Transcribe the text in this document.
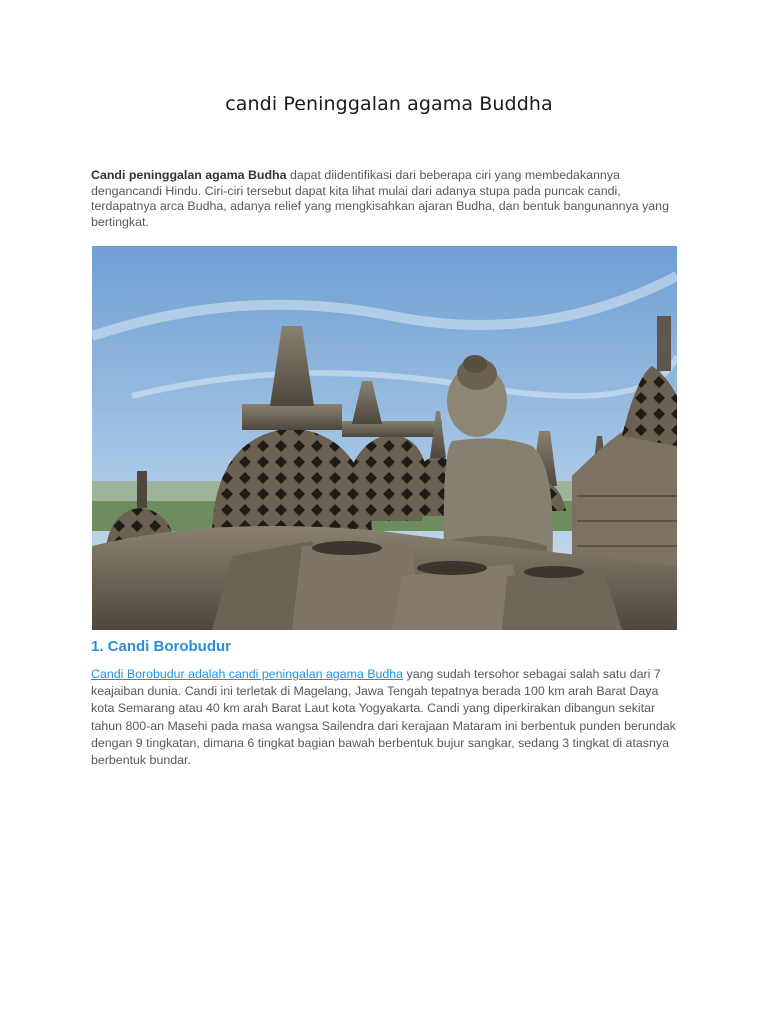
candi Peninggalan agama Buddha

Candi peninggalan agama Budha dapat diidentifikasi dari beberapa ciri yang membedakannya dengancandi Hindu. Ciri-ciri tersebut dapat kita lihat mulai dari adanya stupa pada puncak candi, terdapatnya arca Budha, adanya relief yang mengkisahkan ajaran Budha, dan bentuk bangunannya yang bertingkat.

1. Candi Borobudur

Candi Borobudur adalah candi peningalan agama Budha yang sudah tersohor sebagai salah satu dari 7 keajaiban dunia. Candi ini terletak di Magelang, Jawa Tengah tepatnya berada 100 km arah Barat Daya kota Semarang atau 40 km arah Barat Laut kota Yogyakarta. Candi yang diperkirakan dibangun sekitar tahun 800-an Masehi pada masa wangsa Sailendra dari kerajaan Mataram ini berbentuk punden berundak dengan 9 tingkatan, dimana 6 tingkat bagian bawah berbentuk bujur sangkar, sedang 3 tingkat di atasnya berbentuk bundar.
